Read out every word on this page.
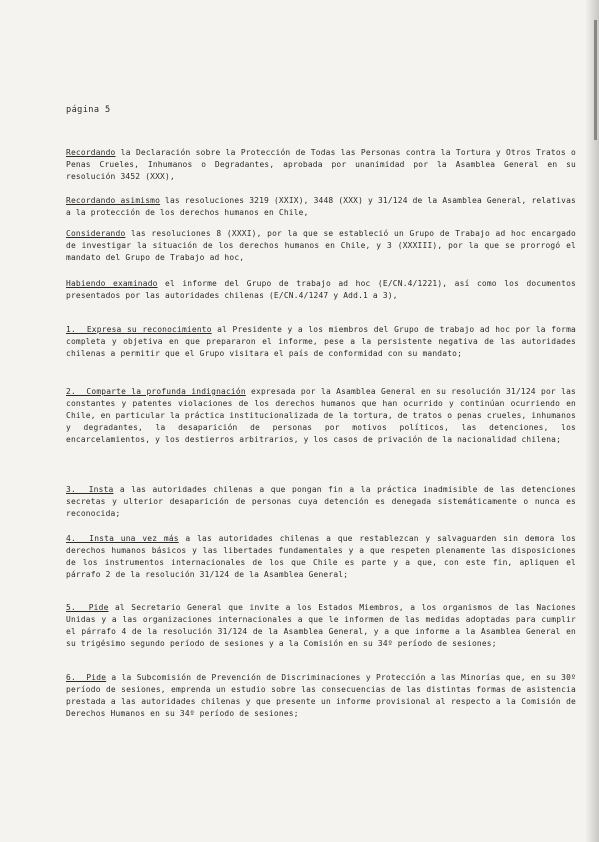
página 5

Recordando la Declaración sobre la Protección de Todas las Personas contra la Tortura y Otros Tratos o Penas Crueles, Inhumanos o Degradantes, aprobada por unanimidad por la Asamblea General en su resolución 3452 (XXX),

Recordando asimismo las resoluciones 3219 (XXIX), 3448 (XXX) y 31/124 de la Asamblea General, relativas a la protección de los derechos humanos en Chile,

Considerando las resoluciones 8 (XXXI), por la que se estableció un Grupo de Trabajo ad hoc encargado de investigar la situación de los derechos humanos en Chile, y 3 (XXXIII), por la que se prorrogó el mandato del Grupo de Trabajo ad hoc,

Habiendo examinado el informe del Grupo de trabajo ad hoc (E/CN.4/1221), así como los documentos presentados por las autoridades chilenas (E/CN.4/1247 y Add.1 a 3),

1.  Expresa su reconocimiento al Presidente y a los miembros del Grupo de trabajo ad hoc por la forma completa y objetiva en que prepararon el informe, pese a la persistente negativa de las autoridades chilenas a permitir que el Grupo visitara el país de conformidad con su mandato;

2.  Comparte la profunda indignación expresada por la Asamblea General en su resolución 31/124 por las constantes y patentes violaciones de los derechos humanos que han ocurrido y continúan ocurriendo en Chile, en particular la práctica institucionalizada de la tortura, de tratos o penas crueles, inhumanos y degradantes, la desaparición de personas por motivos políticos, las detenciones, los encarcelamientos, y los destierros arbitrarios, y los casos de privación de la nacionalidad chilena;

3.  Insta a las autoridades chilenas a que pongan fin a la práctica inadmisible de las detenciones secretas y ulterior desaparición de personas cuya detención es denegada sistemáticamente o nunca es reconocida;

4.  Insta una vez más a las autoridades chilenas a que restablezcan y salvaguarden sin demora los derechos humanos básicos y las libertades fundamentales y a que respeten plenamente las disposiciones de los instrumentos internacionales de los que Chile es parte y a que, con este fin, apliquen el párrafo 2 de la resolución 31/124 de la Asamblea General;

5.  Pide al Secretario General que invite a los Estados Miembros, a los organismos de las Naciones Unidas y a las organizaciones internacionales a que le informen de las medidas adoptadas para cumplir el párrafo 4 de la resolución 31/124 de la Asamblea General, y a que informe a la Asamblea General en su trigésimo segundo período de sesiones y a la Comisión en su 34º período de sesiones;

6.  Pide a la Subcomisión de Prevención de Discriminaciones y Protección a las Minorías que, en su 30º período de sesiones, emprenda un estudio sobre las consecuencias de las distintas formas de asistencia prestada a las autoridades chilenas y que presente un informe provisional al respecto a la Comisión de Derechos Humanos en su 34º período de sesiones;
